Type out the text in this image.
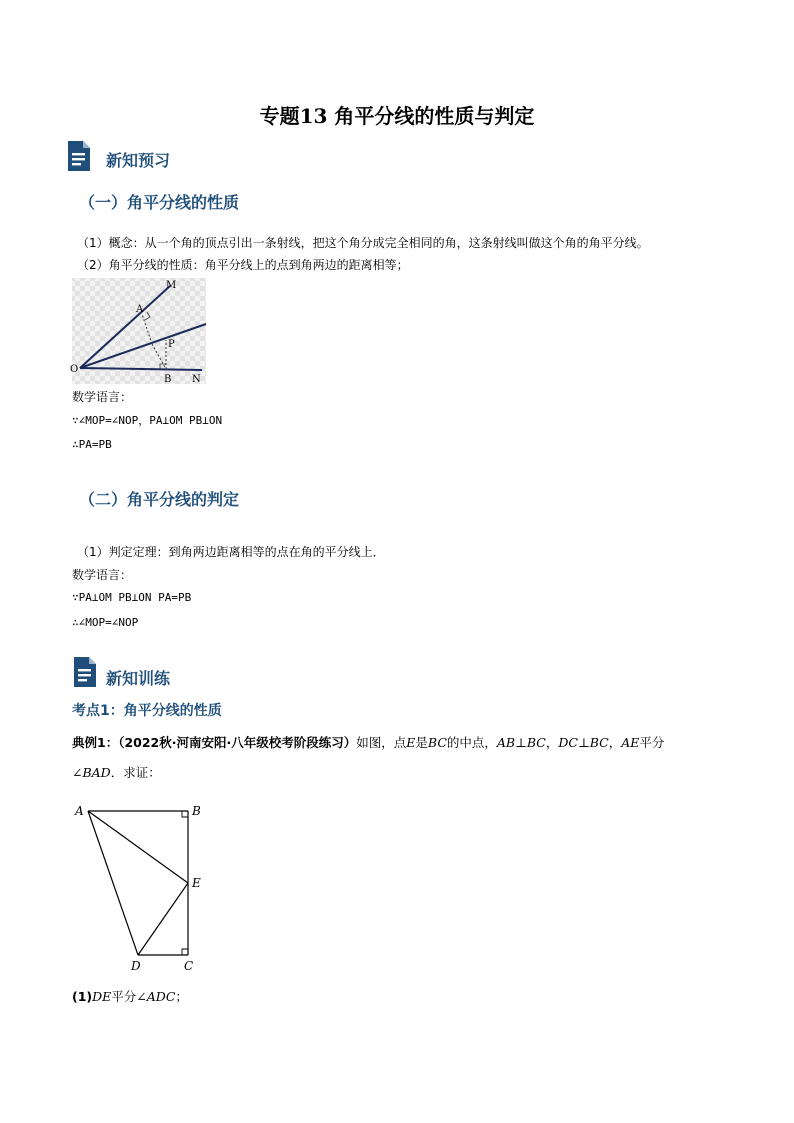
专题13 角平分线的性质与判定
新知预习
（一）角平分线的性质
（1）概念：从一个角的顶点引出一条射线，把这个角分成完全相同的角，这条射线叫做这个角的角平分线。
（2）角平分线的性质：角平分线上的点到角两边的距离相等；
M
A
P
O
B N
数学语言：
∵∠MOP=∠NOP，PA⊥OM PB⊥ON
∴PA=PB
（二）角平分线的判定
（1）判定定理：到角两边距离相等的点在角的平分线上．
数学语言：
∵PA⊥OM PB⊥ON PA=PB
∴∠MOP=∠NOP
新知训练
考点1：角平分线的性质
典例1：（2022秋·河南安阳·八年级校考阶段练习）如图，点E是BC的中点，AB⊥BC，DC⊥BC，AE平分
∠BAD．求证：
A	B
E
D	C
(1)DE平分∠ADC；
